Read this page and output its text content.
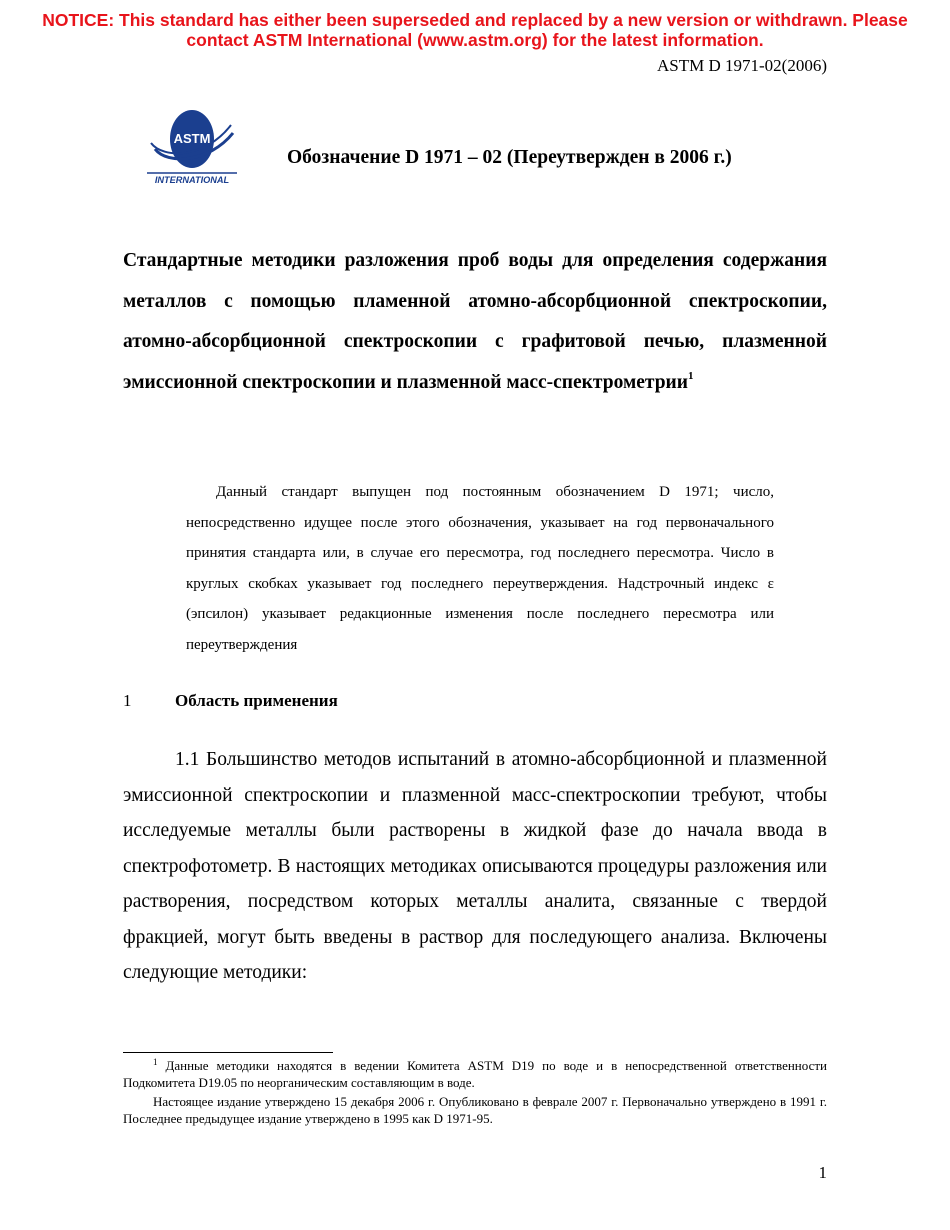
NOTICE: This standard has either been superseded and replaced by a new version or withdrawn. Please
contact ASTM International (www.astm.org) for the latest information.
ASTM D 1971-02(2006)
ASTM
INTERNATIONAL
Обозначение D 1971 – 02 (Переутвержден в 2006 г.)

Стандартные методики разложения проб воды для определения содержания металлов с помощью пламенной атомно-абсорбционной спектроскопии, атомно-абсорбционной спектроскопии с графитовой печью, плазменной эмиссионной спектроскопии и плазменной масс-спектрометрии$^1$

Данный стандарт выпущен под постоянным обозначением D 1971; число, непосредственно идущее после этого обозначения, указывает на год первоначального принятия стандарта или, в случае его пересмотра, год последнего пересмотра. Число в круглых скобках указывает год последнего переутверждения. Надстрочный индекс ε (эпсилон) указывает редакционные изменения после последнего пересмотра или переутверждения

1	Область применения

1.1 Большинство методов испытаний в атомно-абсорбционной и плазменной эмиссионной спектроскопии и плазменной масс-спектроскопии требуют, чтобы исследуемые металлы были растворены в жидкой фазе до начала ввода в спектрофотометр. В настоящих методиках описываются процедуры разложения или растворения, посредством которых металлы аналита, связанные с твердой фракцией, могут быть введены в раствор для последующего анализа. Включены следующие методики:

$^1$ Данные методики находятся в ведении Комитета ASTM D19 по воде и в непосредственной ответственности Подкомитета D19.05 по неорганическим составляющим в воде.

Настоящее издание утверждено 15 декабря 2006 г. Опубликовано в феврале 2007 г. Первоначально утверждено в 1991 г. Последнее предыдущее издание утверждено в 1995 как D 1971-95.

1
